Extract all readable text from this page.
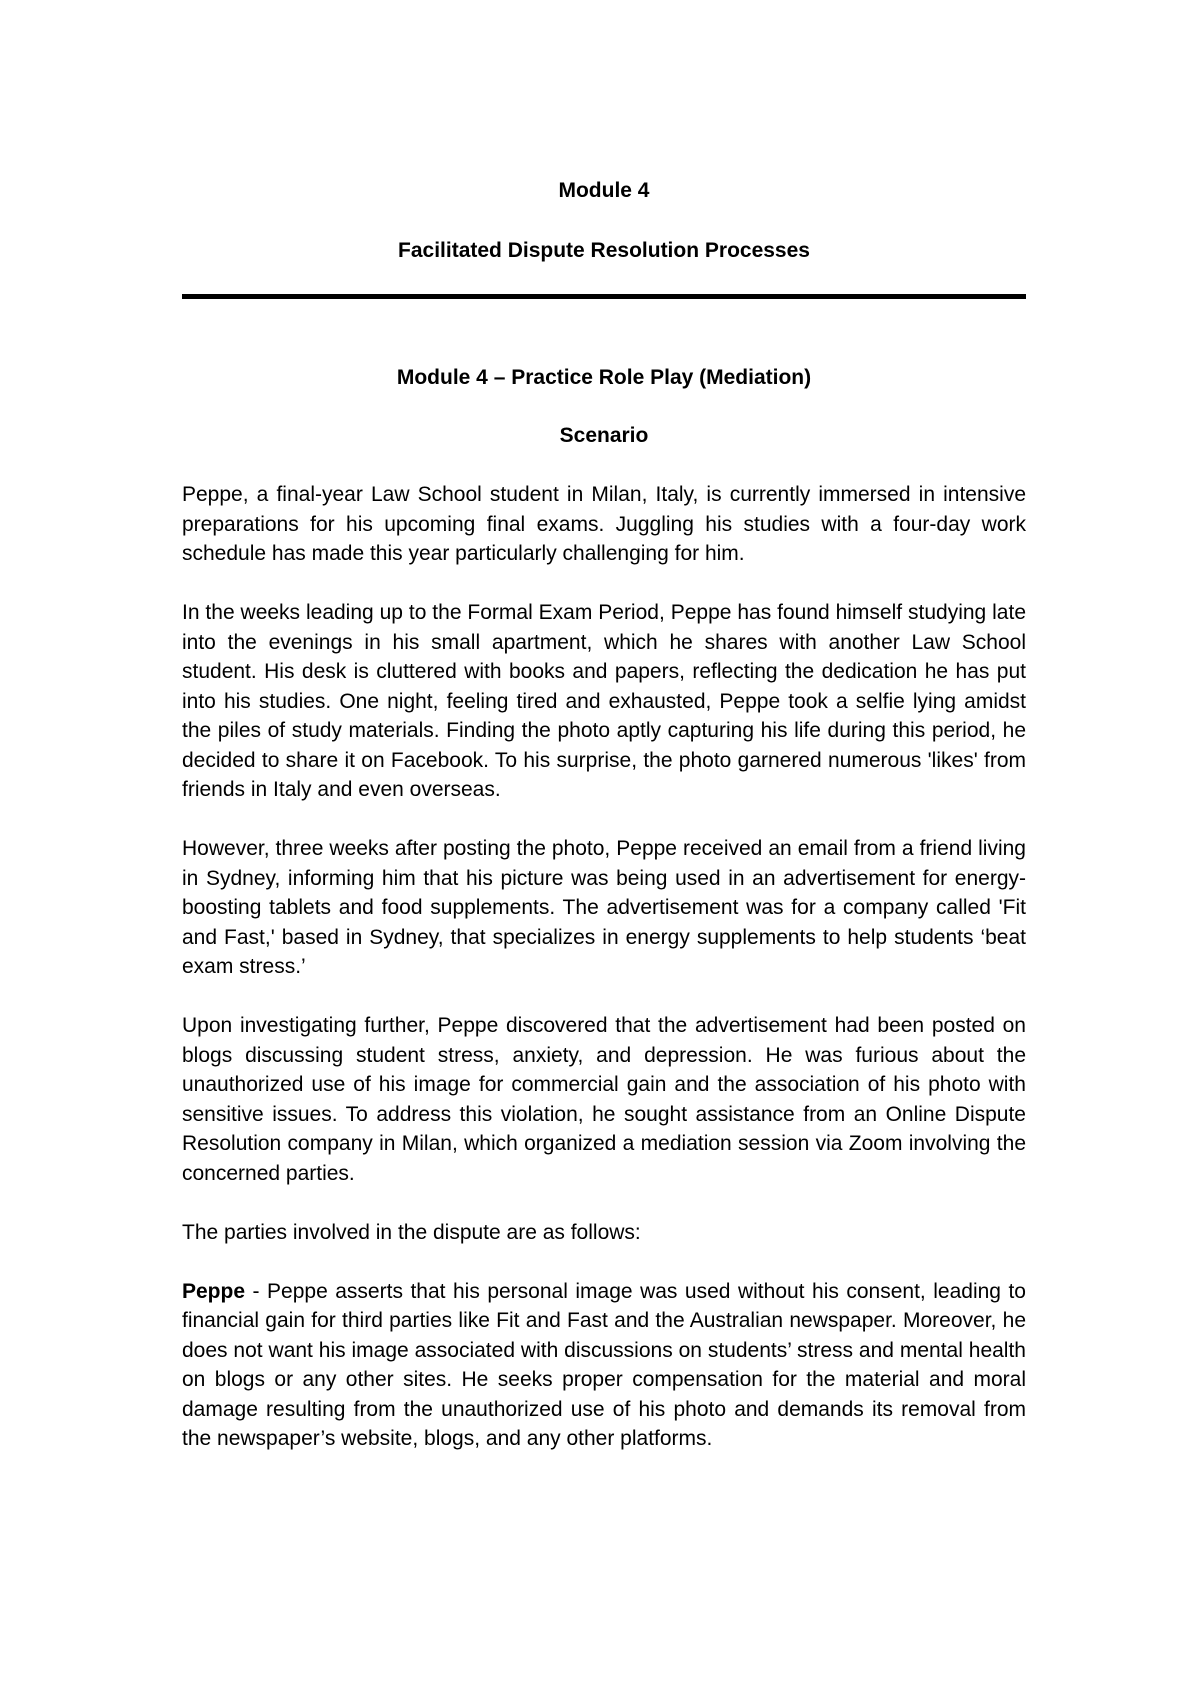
Module 4
Facilitated Dispute Resolution Processes
Module 4 – Practice Role Play (Mediation)
Scenario

Peppe, a final-year Law School student in Milan, Italy, is currently immersed in intensive preparations for his upcoming final exams. Juggling his studies with a four-day work schedule has made this year particularly challenging for him.

In the weeks leading up to the Formal Exam Period, Peppe has found himself studying late into the evenings in his small apartment, which he shares with another Law School student. His desk is cluttered with books and papers, reflecting the dedication he has put into his studies. One night, feeling tired and exhausted, Peppe took a selfie lying amidst the piles of study materials. Finding the photo aptly capturing his life during this period, he decided to share it on Facebook. To his surprise, the photo garnered numerous 'likes' from friends in Italy and even overseas.

However, three weeks after posting the photo, Peppe received an email from a friend living in Sydney, informing him that his picture was being used in an advertisement for energy-boosting tablets and food supplements. The advertisement was for a company called 'Fit and Fast,' based in Sydney, that specializes in energy supplements to help students ‘beat exam stress.’

Upon investigating further, Peppe discovered that the advertisement had been posted on blogs discussing student stress, anxiety, and depression. He was furious about the unauthorized use of his image for commercial gain and the association of his photo with sensitive issues. To address this violation, he sought assistance from an Online Dispute Resolution company in Milan, which organized a mediation session via Zoom involving the concerned parties.

The parties involved in the dispute are as follows:

Peppe - Peppe asserts that his personal image was used without his consent, leading to financial gain for third parties like Fit and Fast and the Australian newspaper. Moreover, he does not want his image associated with discussions on students’ stress and mental health on blogs or any other sites. He seeks proper compensation for the material and moral damage resulting from the unauthorized use of his photo and demands its removal from the newspaper’s website, blogs, and any other platforms.
